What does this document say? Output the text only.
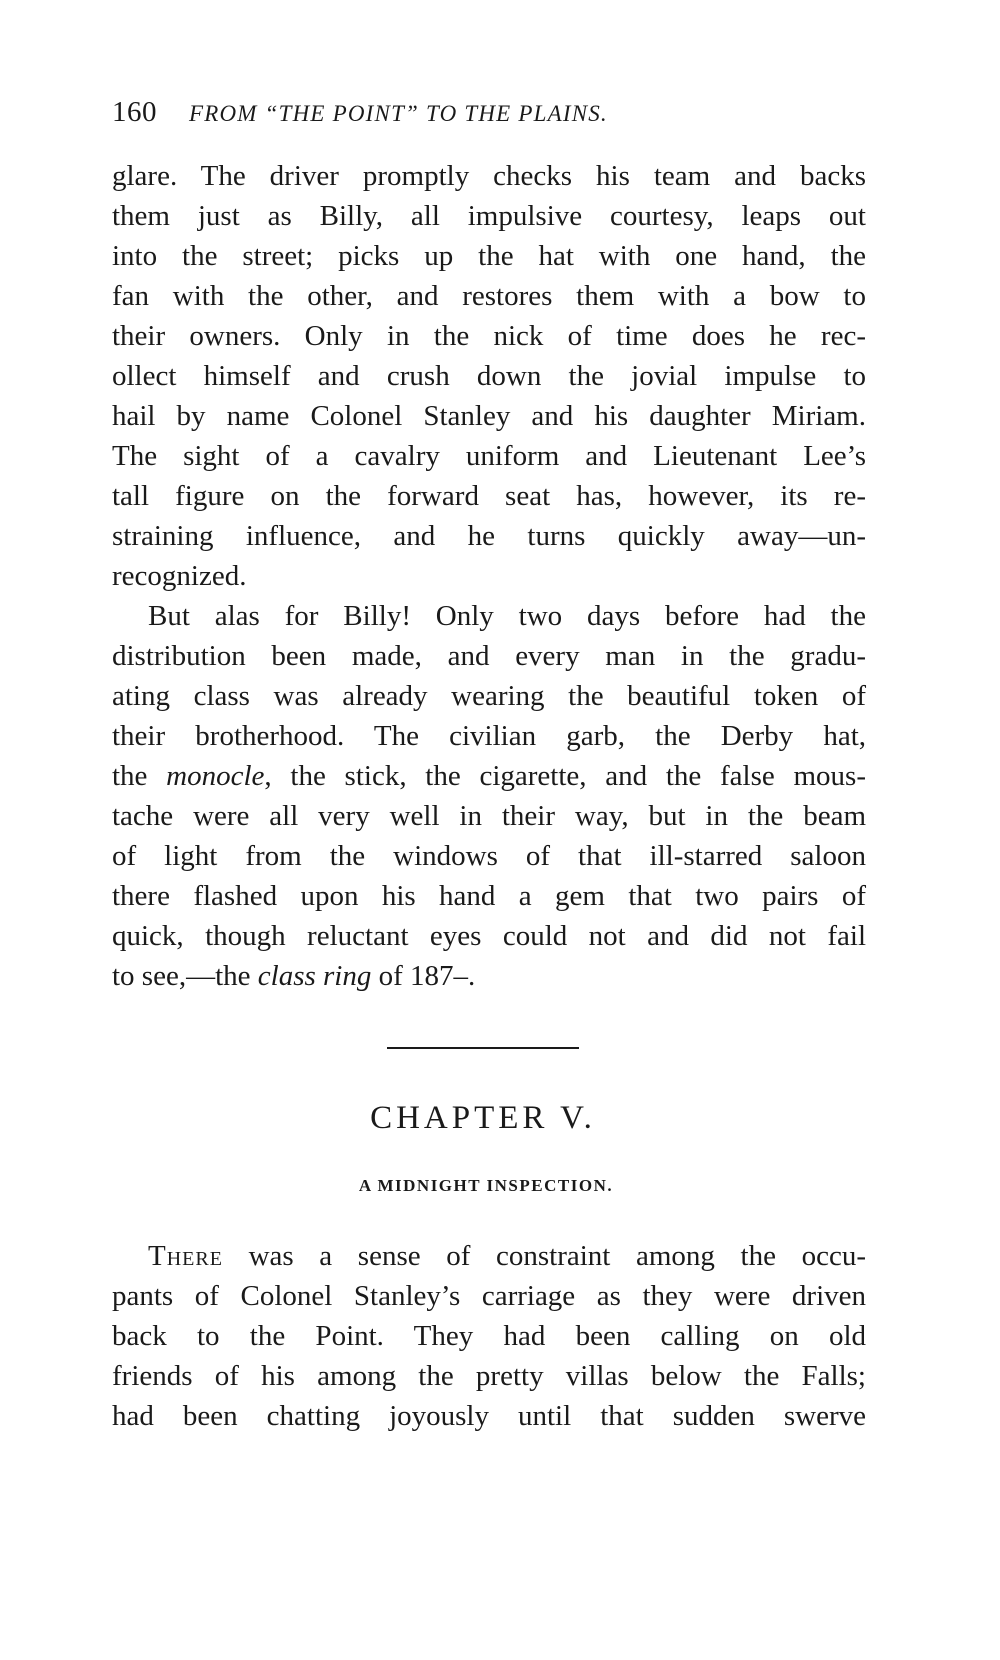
160 FROM “THE POINT” TO THE PLAINS.
glare. The driver promptly checks his team and backs
them just as Billy, all impulsive courtesy, leaps out
into the street; picks up the hat with one hand, the
fan with the other, and restores them with a bow to
their owners. Only in the nick of time does he rec-
ollect himself and crush down the jovial impulse to
hail by name Colonel Stanley and his daughter Miriam.
The sight of a cavalry uniform and Lieutenant Lee’s
tall figure on the forward seat has, however, its re-
straining influence, and he turns quickly away—un-
recognized.
But alas for Billy! Only two days before had the
distribution been made, and every man in the gradu-
ating class was already wearing the beautiful token of
their brotherhood. The civilian garb, the Derby hat,
the monocle, the stick, the cigarette, and the false mous-
tache were all very well in their way, but in the beam
of light from the windows of that ill-starred saloon
there flashed upon his hand a gem that two pairs of
quick, though reluctant eyes could not and did not fail
to see,—the class ring of 187–.
CHAPTER V.
A MIDNIGHT INSPECTION.
There was a sense of constraint among the occu-
pants of Colonel Stanley’s carriage as they were driven
back to the Point. They had been calling on old
friends of his among the pretty villas below the Falls;
had been chatting joyously until that sudden swerve
